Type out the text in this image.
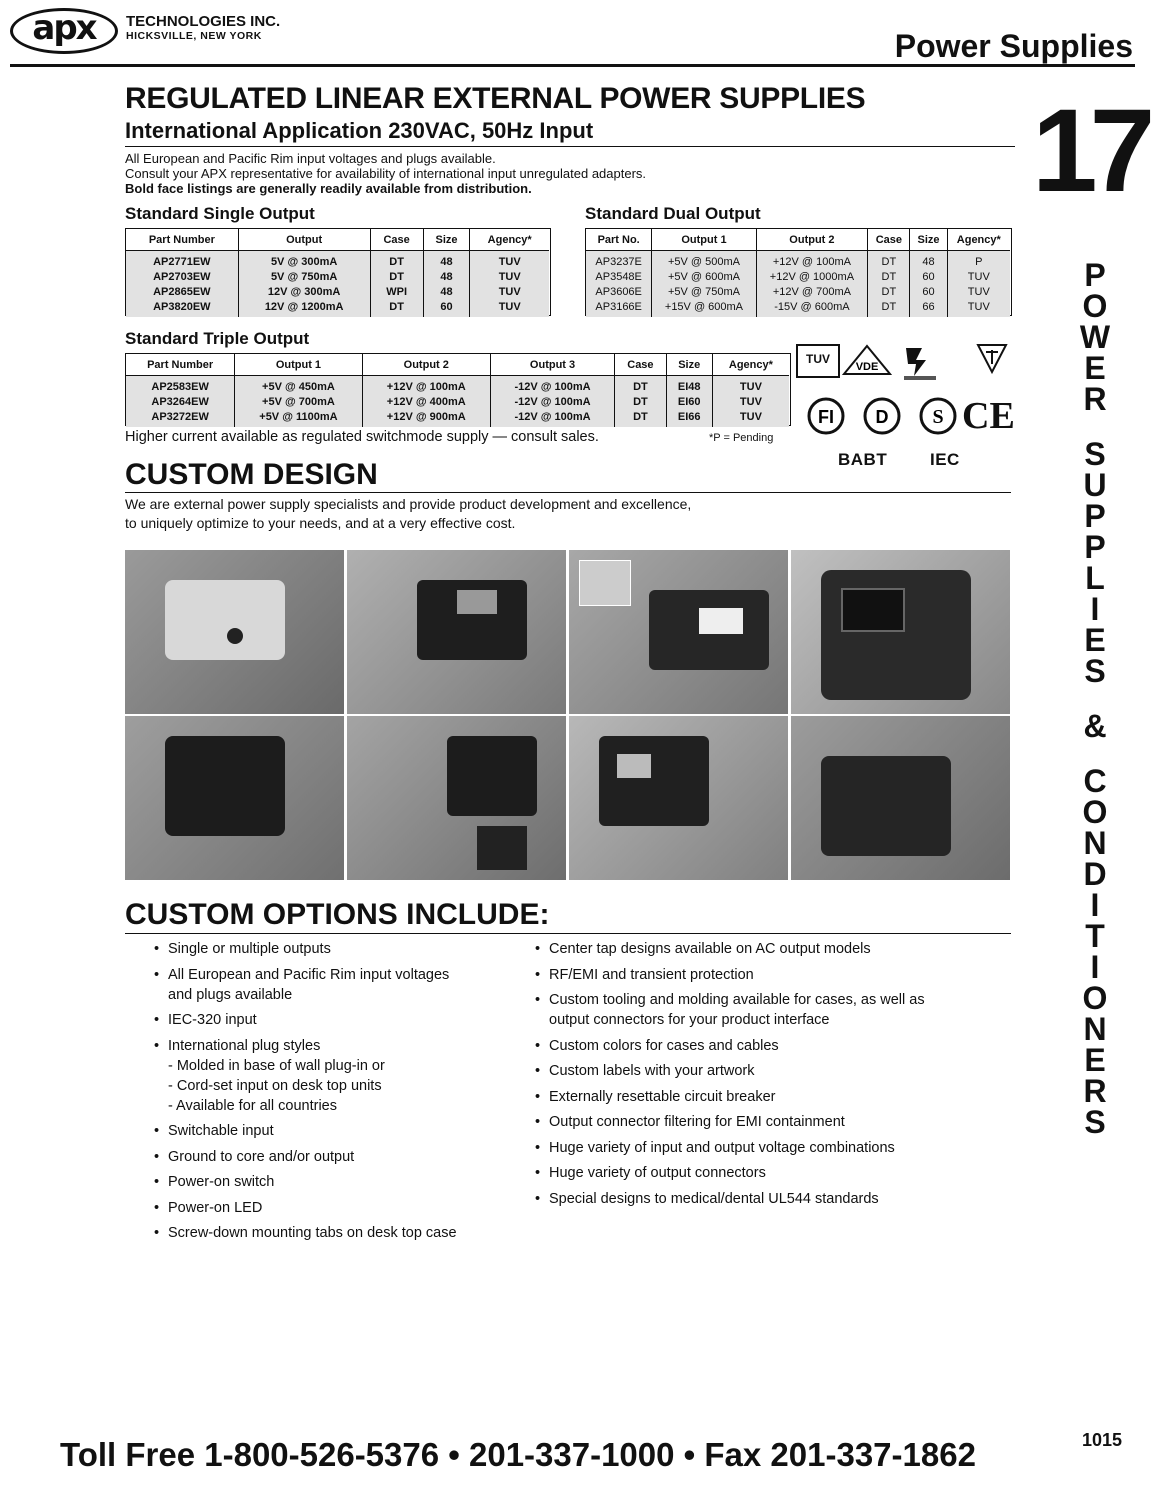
apx TECHNOLOGIES INC.
HICKSVILLE, NEW YORK	Power Supplies
REGULATED LINEAR EXTERNAL POWER SUPPLIES
International Application 230VAC, 50Hz Input
All European and Pacific Rim input voltages and plugs available.
Consult your APX representative for availability of international input unregulated adapters.
Bold face listings are generally readily available from distribution.	17
P
O
W
E
R
S
U
P
P
L
I
E
S
&
C
O
N
D
I
T
I
O
N
E
R
S
Standard Single Output
Part Number	Output	Case	Size	Agency*

AP2771EW	5V @ 300mA	DT	48	TUV
AP2703EW	5V @ 750mA	DT	48	TUV
AP2865EW	12V @ 300mA	WPI	48	TUV
AP3820EW	12V @ 1200mA	DT	60	TUV

Standard Dual Output
Part No.	Output 1	Output 2	Case	Size	Agency*

AP3237E	+5V @ 500mA	+12V @ 100mA	DT	48	P
AP3548E	+5V @ 600mA	+12V @ 1000mA	DT	60	TUV
AP3606E	+5V @ 750mA	+12V @ 700mA	DT	60	TUV
AP3166E	+15V @ 600mA	-15V @ 600mA	DT	66	TUV

Standard Triple Output
Part Number	Output 1	Output 2	Output 3	Case	Size	Agency*

AP2583EW	+5V @ 450mA	+12V @ 100mA	-12V @ 100mA	DT	EI48	TUV
AP3264EW	+5V @ 700mA	+12V @ 400mA	-12V @ 100mA	DT	EI60	TUV
AP3272EW	+5V @ 1100mA	+12V @ 900mA	-12V @ 100mA	DT	EI66	TUV

Higher current available as regulated switchmode supply — consult sales.	*P = Pending
TUV
VDE
FI D S CE
BABT	IEC
CUSTOM DESIGN
We are external power supply specialists and provide product development and excellence,
to uniquely optimize to your needs, and at a very effective cost.
CUSTOM OPTIONS INCLUDE:
• Single or multiple outputs
• All European and Pacific Rim input voltages
and plugs available
• IEC-320 input
• International plug styles
- Molded in base of wall plug-in or
- Cord-set input on desk top units
- Available for all countries
• Switchable input
• Ground to core and/or output
• Power-on switch
• Power-on LED
• Screw-down mounting tabs on desk top case
• Center tap designs available on AC output models
• RF/EMI and transient protection
• Custom tooling and molding available for cases, as well as
output connectors for your product interface
• Custom colors for cases and cables
• Custom labels with your artwork
• Externally resettable circuit breaker
• Output connector filtering for EMI containment
• Huge variety of input and output voltage combinations
• Huge variety of output connectors
• Special designs to medical/dental UL544 standards
Toll Free 1-800-526-5376 • 201-337-1000 • Fax 201-337-1862	1015
